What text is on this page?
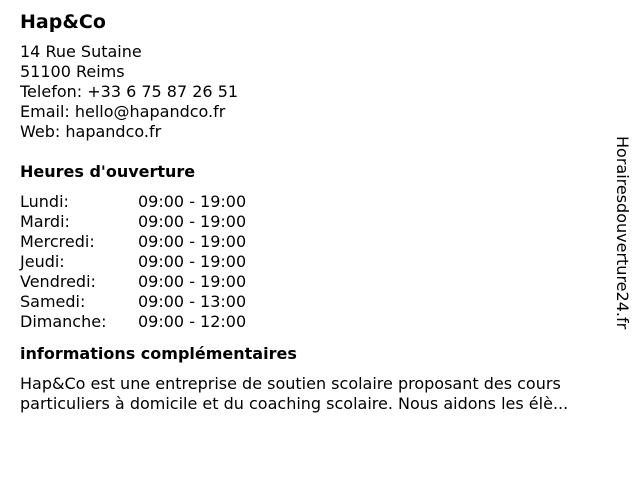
Hap&Co
14 Rue Sutaine
51100 Reims
Telefon: +33 6 75 87 26 51
Email: hello@hapandco.fr
Web: hapandco.fr
Heures d'ouverture
Lundi:	09:00 - 19:00
Mardi:	09:00 - 19:00
Mercredi:	09:00 - 19:00
Jeudi:	09:00 - 19:00
Vendredi:	09:00 - 19:00
Samedi:	09:00 - 13:00
Dimanche: 09:00 - 12:00
informations complémentaires
Hap&Co est une entreprise de soutien scolaire proposant des cours particuliers à domicile et du coaching scolaire. Nous aidons les élè...
Horairesdouverture24.fr
